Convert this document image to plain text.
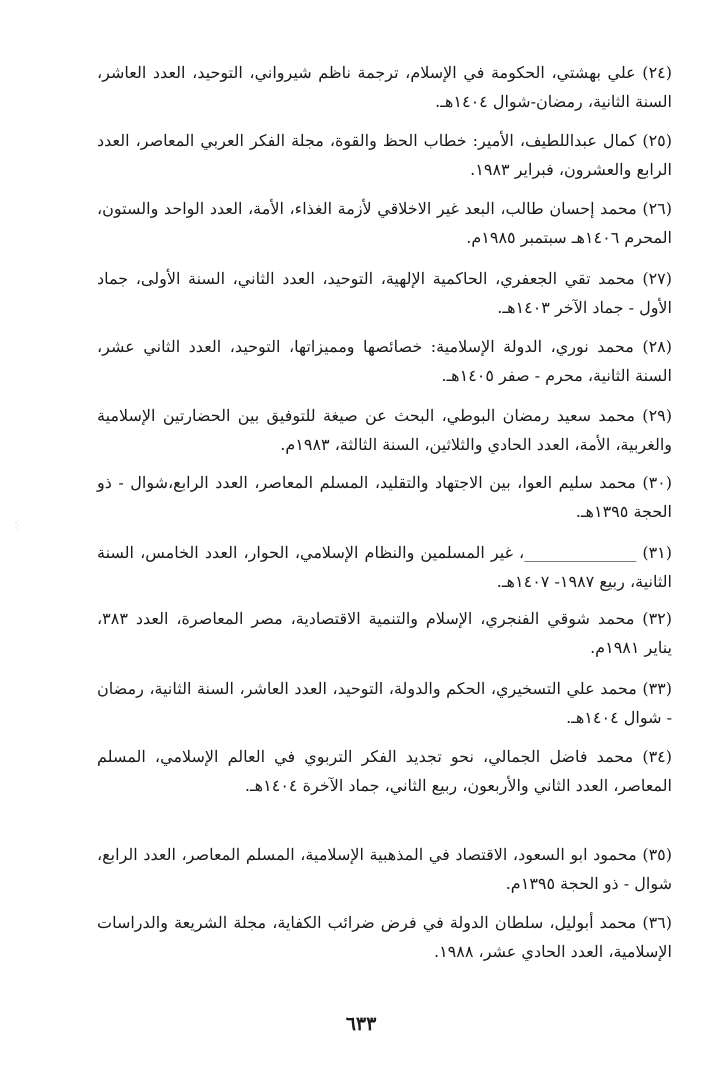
(٢٤) علي بهشتي، الحكومة في الإسلام، ترجمة ناظم شيرواني، التوحيد، العدد العاشر، السنة الثانية، رمضان-شوال ١٤٠٤هـ.

(٢٥) كمال عبداللطيف، الأمير: خطاب الحظ والقوة، مجلة الفكر العربي المعاصر، العدد الرابع والعشرون، فبراير ١٩٨٣.

(٢٦) محمد إحسان طالب، البعد غير الاخلاقي لأزمة الغذاء، الأمة، العدد الواحد والستون، المحرم ١٤٠٦هـ سبتمبر ١٩٨٥م.

(٢٧) محمد تقي الجعفري، الحاكمية الإلهية، التوحيد، العدد الثاني، السنة الأولى، جماد الأول - جماد الآخر ١٤٠٣هـ.

(٢٨) محمد نوري، الدولة الإسلامية: خصائصها ومميزاتها، التوحيد، العدد الثاني عشر، السنة الثانية، محرم - صفر ١٤٠٥هـ.

(٢٩) محمد سعيد رمضان البوطي، البحث عن صيغة للتوفيق بين الحضارتين الإسلامية والغربية، الأمة، العدد الحادي والثلاثين، السنة الثالثة، ١٩٨٣م.

(٣٠) محمد سليم العوا، بين الاجتهاد والتقليد، المسلم المعاصر، العدد الرابع،شوال - ذو الحجة ١٣٩٥هـ.

(٣١) ______________، غير المسلمين والنظام الإسلامي، الحوار، العدد الخامس، السنة الثانية، ربيع ١٩٨٧- ١٤٠٧هـ.

(٣٢) محمد شوقي الفنجري، الإسلام والتنمية الاقتصادية، مصر المعاصرة، العدد ٣٨٣، يناير ١٩٨١م.

(٣٣) محمد علي التسخيري، الحكم والدولة، التوحيد، العدد العاشر، السنة الثانية، رمضان - شوال ١٤٠٤هـ.

(٣٤) محمد فاضل الجمالي، نحو تجديد الفكر التربوي في العالم الإسلامي، المسلم المعاصر، العدد الثاني والأربعون، ربيع الثاني، جماد الآخرة ١٤٠٤هـ.

(٣٥) محمود ابو السعود، الاقتصاد في المذهبية الإسلامية، المسلم المعاصر، العدد الرابع، شوال - ذو الحجة ١٣٩٥م.

(٣٦) محمد أبوليل، سلطان الدولة في فرض ضرائب الكفاية، مجلة الشريعة والدراسات الإسلامية، العدد الحادي عشر، ١٩٨٨.

٦٣٣
